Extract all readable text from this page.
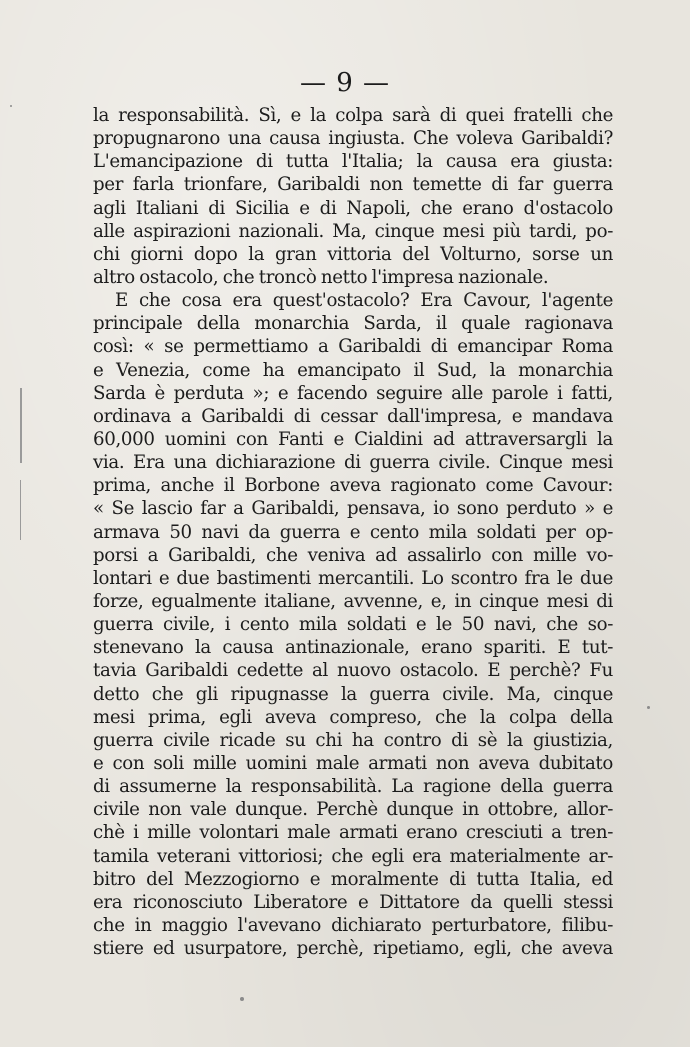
— 9 —
la responsabilità. Sì, e la colpa sarà di quei fratelli che
propugnarono una causa ingiusta. Che voleva Garibaldi?
L'emancipazione di tutta l'Italia; la causa era giusta:
per farla trionfare, Garibaldi non temette di far guerra
agli Italiani di Sicilia e di Napoli, che erano d'ostacolo
alle aspirazioni nazionali. Ma, cinque mesi più tardi, po-
chi giorni dopo la gran vittoria del Volturno, sorse un
altro ostacolo, che troncò netto l'impresa nazionale.
E che cosa era quest'ostacolo? Era Cavour, l'agente
principale della monarchia Sarda, il quale ragionava
così: « se permettiamo a Garibaldi di emancipar Roma
e Venezia, come ha emancipato il Sud, la monarchia
Sarda è perduta »; e facendo seguire alle parole i fatti,
ordinava a Garibaldi di cessar dall'impresa, e mandava
60,000 uomini con Fanti e Cialdini ad attraversargli la
via. Era una dichiarazione di guerra civile. Cinque mesi
prima, anche il Borbone aveva ragionato come Cavour:
« Se lascio far a Garibaldi, pensava, io sono perduto » e
armava 50 navi da guerra e cento mila soldati per op-
porsi a Garibaldi, che veniva ad assalirlo con mille vo-
lontari e due bastimenti mercantili. Lo scontro fra le due
forze, egualmente italiane, avvenne, e, in cinque mesi di
guerra civile, i cento mila soldati e le 50 navi, che so-
stenevano la causa antinazionale, erano spariti. E tut-
tavia Garibaldi cedette al nuovo ostacolo. E perchè? Fu
detto che gli ripugnasse la guerra civile. Ma, cinque
mesi prima, egli aveva compreso, che la colpa della
guerra civile ricade su chi ha contro di sè la giustizia,
e con soli mille uomini male armati non aveva dubitato
di assumerne la responsabilità. La ragione della guerra
civile non vale dunque. Perchè dunque in ottobre, allor-
chè i mille volontari male armati erano cresciuti a tren-
tamila veterani vittoriosi; che egli era materialmente ar-
bitro del Mezzogiorno e moralmente di tutta Italia, ed
era riconosciuto Liberatore e Dittatore da quelli stessi
che in maggio l'avevano dichiarato perturbatore, filibu-
stiere ed usurpatore, perchè, ripetiamo, egli, che aveva
